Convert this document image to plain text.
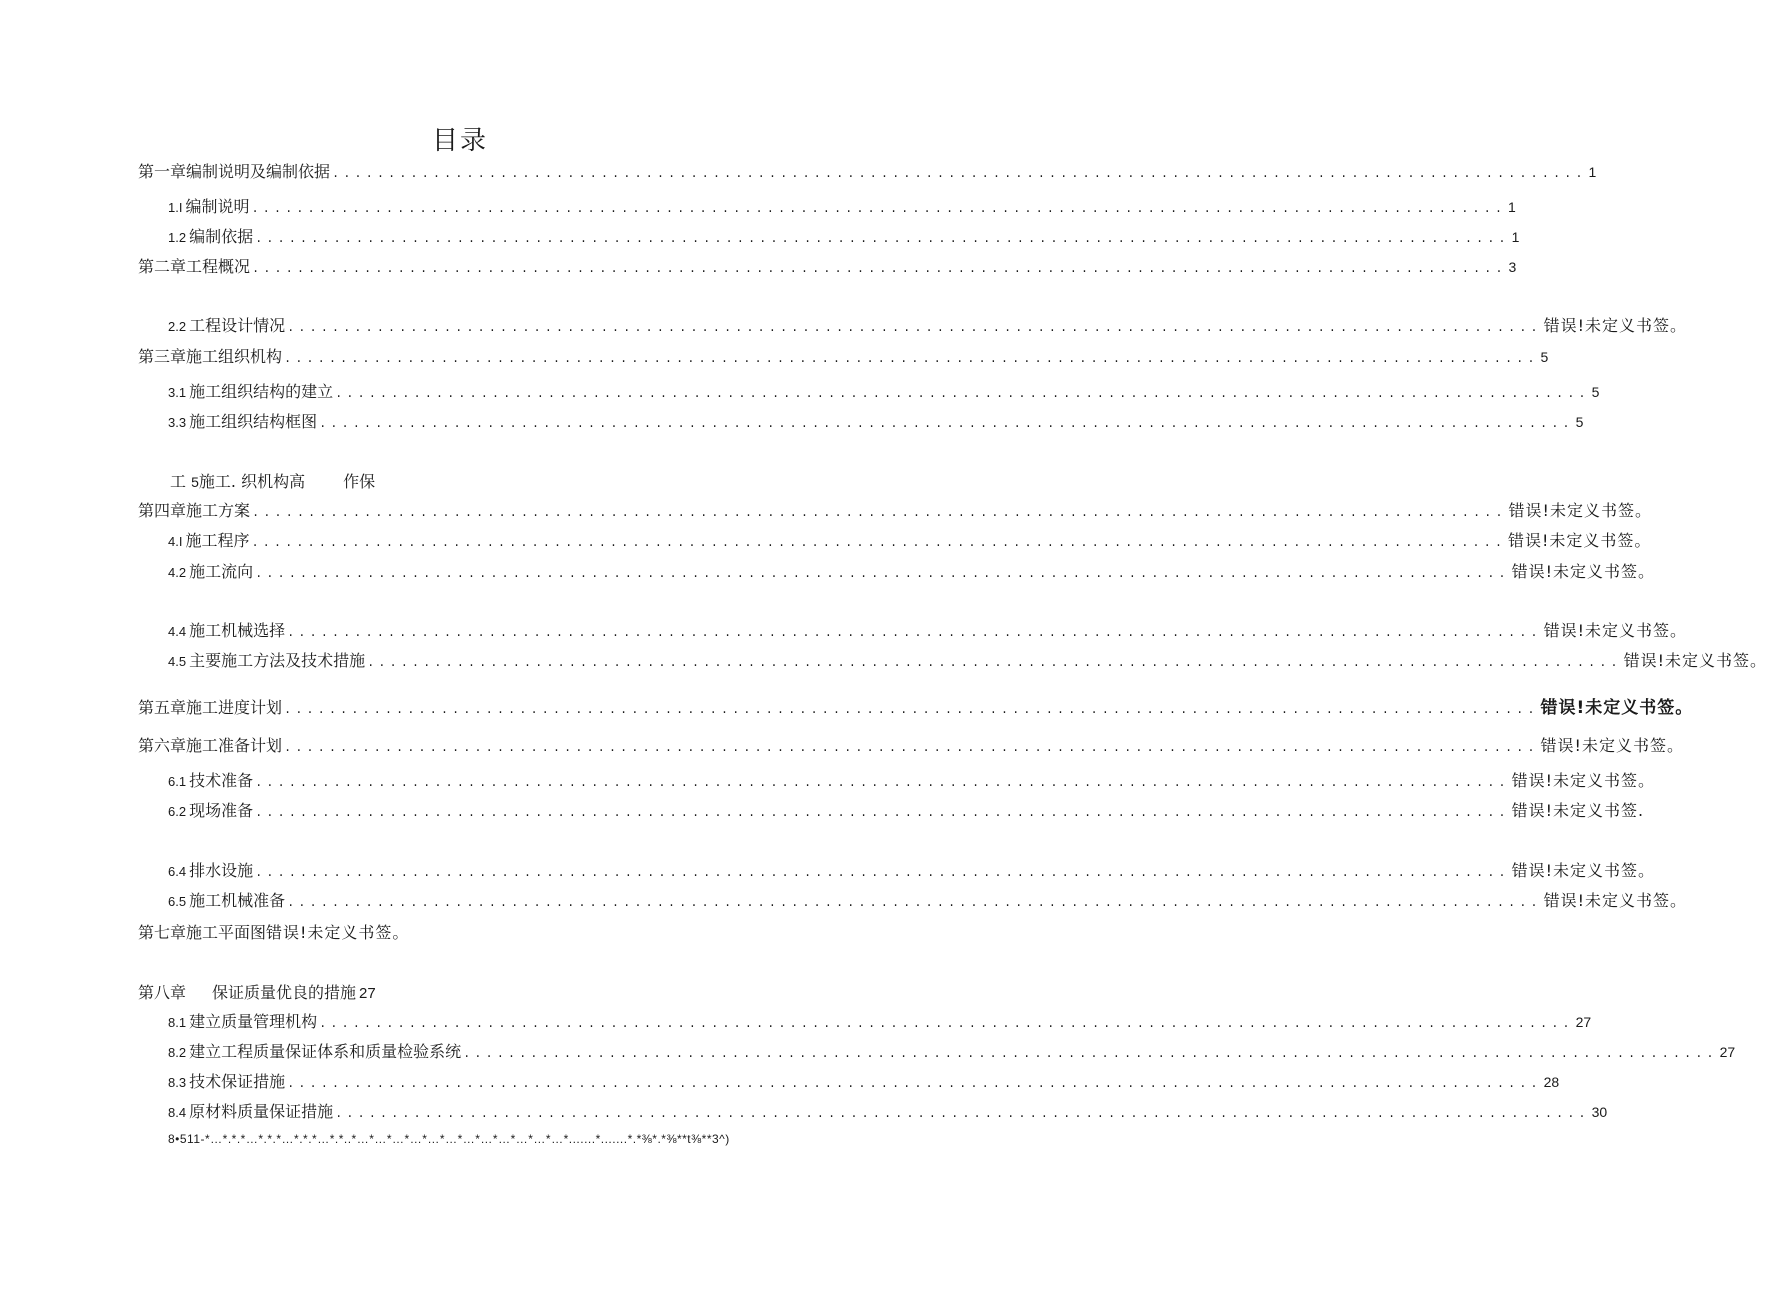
目录
第一章编制说明及编制依据 ................................................................................................................ 1
1.I 编制说明 ................................................................................................................ 1
1.2 编制依据 ................................................................................................................ 1
第二章工程概况 ................................................................................................................ 3
2.2 工程设计情况 ................................................................................................................ 错误!未定义书签。
第三章施工组织机构 ................................................................................................................ 5
3.1 施工组织结构的建立 ................................................................................................................ 5
3.3 施工组织结构框图 ................................................................................................................ 5
工 5施工. 织机构高 作保
第四章施工方案 ................................................................................................................ 错误!未定义书签。
4.I 施工程序 ................................................................................................................ 错误!未定义书签。
4.2 施工流向 ................................................................................................................ 错误!未定义书签。
4.4 施工机械选择 ................................................................................................................ 错误!未定义书签。
4.5 主要施工方法及技术措施 ................................................................................................................ 错误!未定义书签。
第五章施工进度计划 ................................................................................................................ 错误!未定义书签。
第六章施工准备计划 ................................................................................................................ 错误!未定义书签。
6.1 技术准备 ................................................................................................................ 错误!未定义书签。
6.2 现场准备 ................................................................................................................ 错误!未定义书签.
6.4 排水设施 ................................................................................................................ 错误!未定义书签。
6.5 施工机械准备 ................................................................................................................ 错误!未定义书签。
第七章施工平面图错误!未定义书签。
第八章 保证质量优良的措施 27
8.1 建立质量管理机构 ................................................................................................................ 27
8.2 建立工程质量保证体系和质量检验系统 ................................................................................................................ 27
8.3 技术保证措施 ................................................................................................................ 28
8.4 原材料质量保证措施 ................................................................................................................ 30
8•511-*…*.*.*…*.*.*…*.*.*…*.*..*…*…*…*…*…*…*…*…*…*…*…*…*.......*.......*.*⅜*.*⅜**t⅜**3^)
